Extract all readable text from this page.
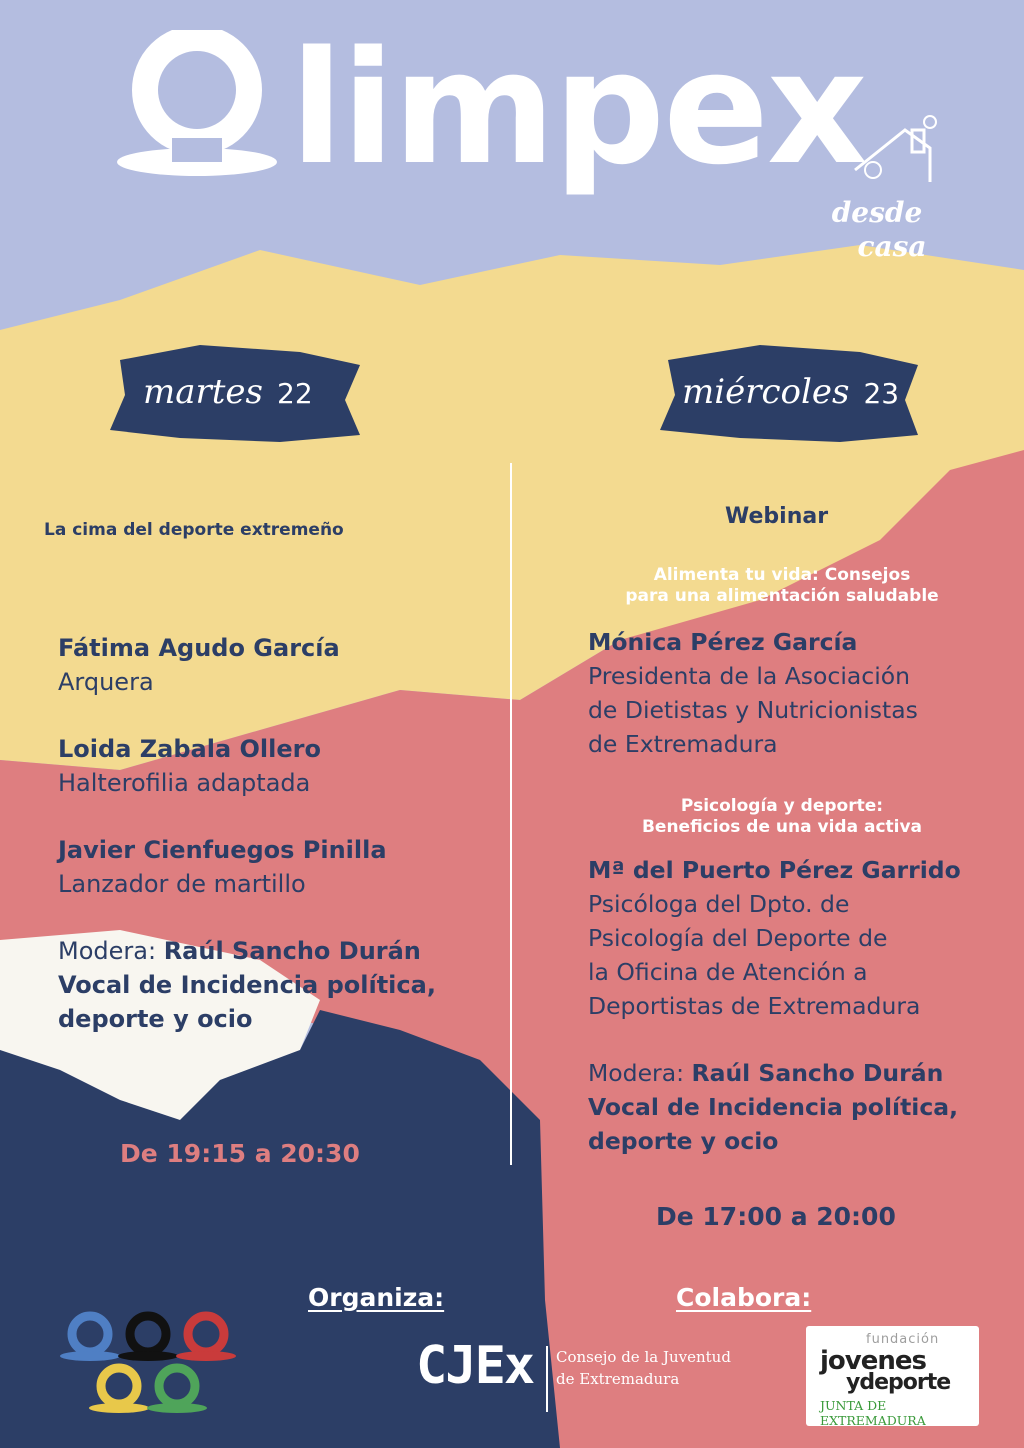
limpex
desde
casa
martes 22	miércoles 23
La cima del deporte extremeño
Fátima Agudo García
Arquera
Loida Zabala Ollero
Halterofilia adaptada
Javier Cienfuegos Pinilla
Lanzador de martillo
Modera: Raúl Sancho Durán
Vocal de Incidencia política,
deporte y ocio
De 19:15 a 20:30
Webinar
Alimenta tu vida: Consejos
para una alimentación saludable
Mónica Pérez García
Presidenta de la Asociación
de Dietistas y Nutricionistas
de Extremadura
Psicología y deporte:
Beneficios de una vida activa
Mª del Puerto Pérez Garrido
Psicóloga del Dpto. de
Psicología del Deporte de
la Oficina de Atención a
Deportistas de Extremadura
Modera: Raúl Sancho Durán
Vocal de Incidencia política,
deporte y ocio
De 17:00 a 20:00
Organiza:	Colabora:
CJEx Consejo de la Juventud
de Extremadura
fundación
jovenes
ydeporte
JUNTA DE EXTREMADURA
